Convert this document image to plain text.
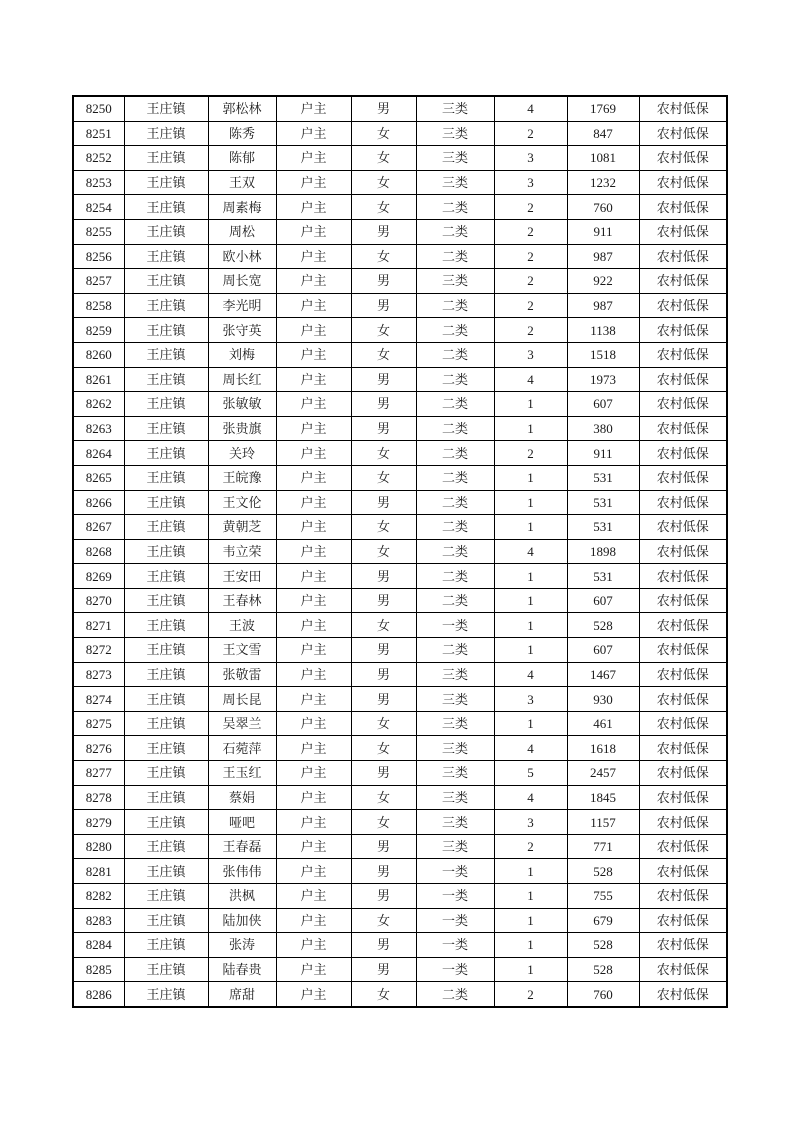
8250	王庄镇	郭松林	户主	男	三类	4	1769	农村低保
8251	王庄镇	陈秀	户主	女	三类	2	847	农村低保
8252	王庄镇	陈郁	户主	女	三类	3	1081	农村低保
8253	王庄镇	王双	户主	女	三类	3	1232	农村低保
8254	王庄镇	周素梅	户主	女	二类	2	760	农村低保
8255	王庄镇	周松	户主	男	二类	2	911	农村低保
8256	王庄镇	欧小林	户主	女	二类	2	987	农村低保
8257	王庄镇	周长宽	户主	男	三类	2	922	农村低保
8258	王庄镇	李光明	户主	男	二类	2	987	农村低保
8259	王庄镇	张守英	户主	女	二类	2	1138	农村低保
8260	王庄镇	刘梅	户主	女	二类	3	1518	农村低保
8261	王庄镇	周长红	户主	男	二类	4	1973	农村低保
8262	王庄镇	张敏敏	户主	男	二类	1	607	农村低保
8263	王庄镇	张贵旗	户主	男	二类	1	380	农村低保
8264	王庄镇	关玲	户主	女	二类	2	911	农村低保
8265	王庄镇	王皖豫	户主	女	二类	1	531	农村低保
8266	王庄镇	王文伦	户主	男	二类	1	531	农村低保
8267	王庄镇	黄朝芝	户主	女	二类	1	531	农村低保
8268	王庄镇	韦立荣	户主	女	二类	4	1898	农村低保
8269	王庄镇	王安田	户主	男	二类	1	531	农村低保
8270	王庄镇	王春林	户主	男	二类	1	607	农村低保
8271	王庄镇	王波	户主	女	一类	1	528	农村低保
8272	王庄镇	王文雪	户主	男	二类	1	607	农村低保
8273	王庄镇	张敬雷	户主	男	三类	4	1467	农村低保
8274	王庄镇	周长昆	户主	男	三类	3	930	农村低保
8275	王庄镇	吴翠兰	户主	女	三类	1	461	农村低保
8276	王庄镇	石菀萍	户主	女	三类	4	1618	农村低保
8277	王庄镇	王玉红	户主	男	三类	5	2457	农村低保
8278	王庄镇	蔡娟	户主	女	三类	4	1845	农村低保
8279	王庄镇	哑吧	户主	女	三类	3	1157	农村低保
8280	王庄镇	王春磊	户主	男	三类	2	771	农村低保
8281	王庄镇	张伟伟	户主	男	一类	1	528	农村低保
8282	王庄镇	洪枫	户主	男	一类	1	755	农村低保
8283	王庄镇	陆加侠	户主	女	一类	1	679	农村低保
8284	王庄镇	张涛	户主	男	一类	1	528	农村低保
8285	王庄镇	陆春贵	户主	男	一类	1	528	农村低保
8286	王庄镇	席甜	户主	女	二类	2	760	农村低保
